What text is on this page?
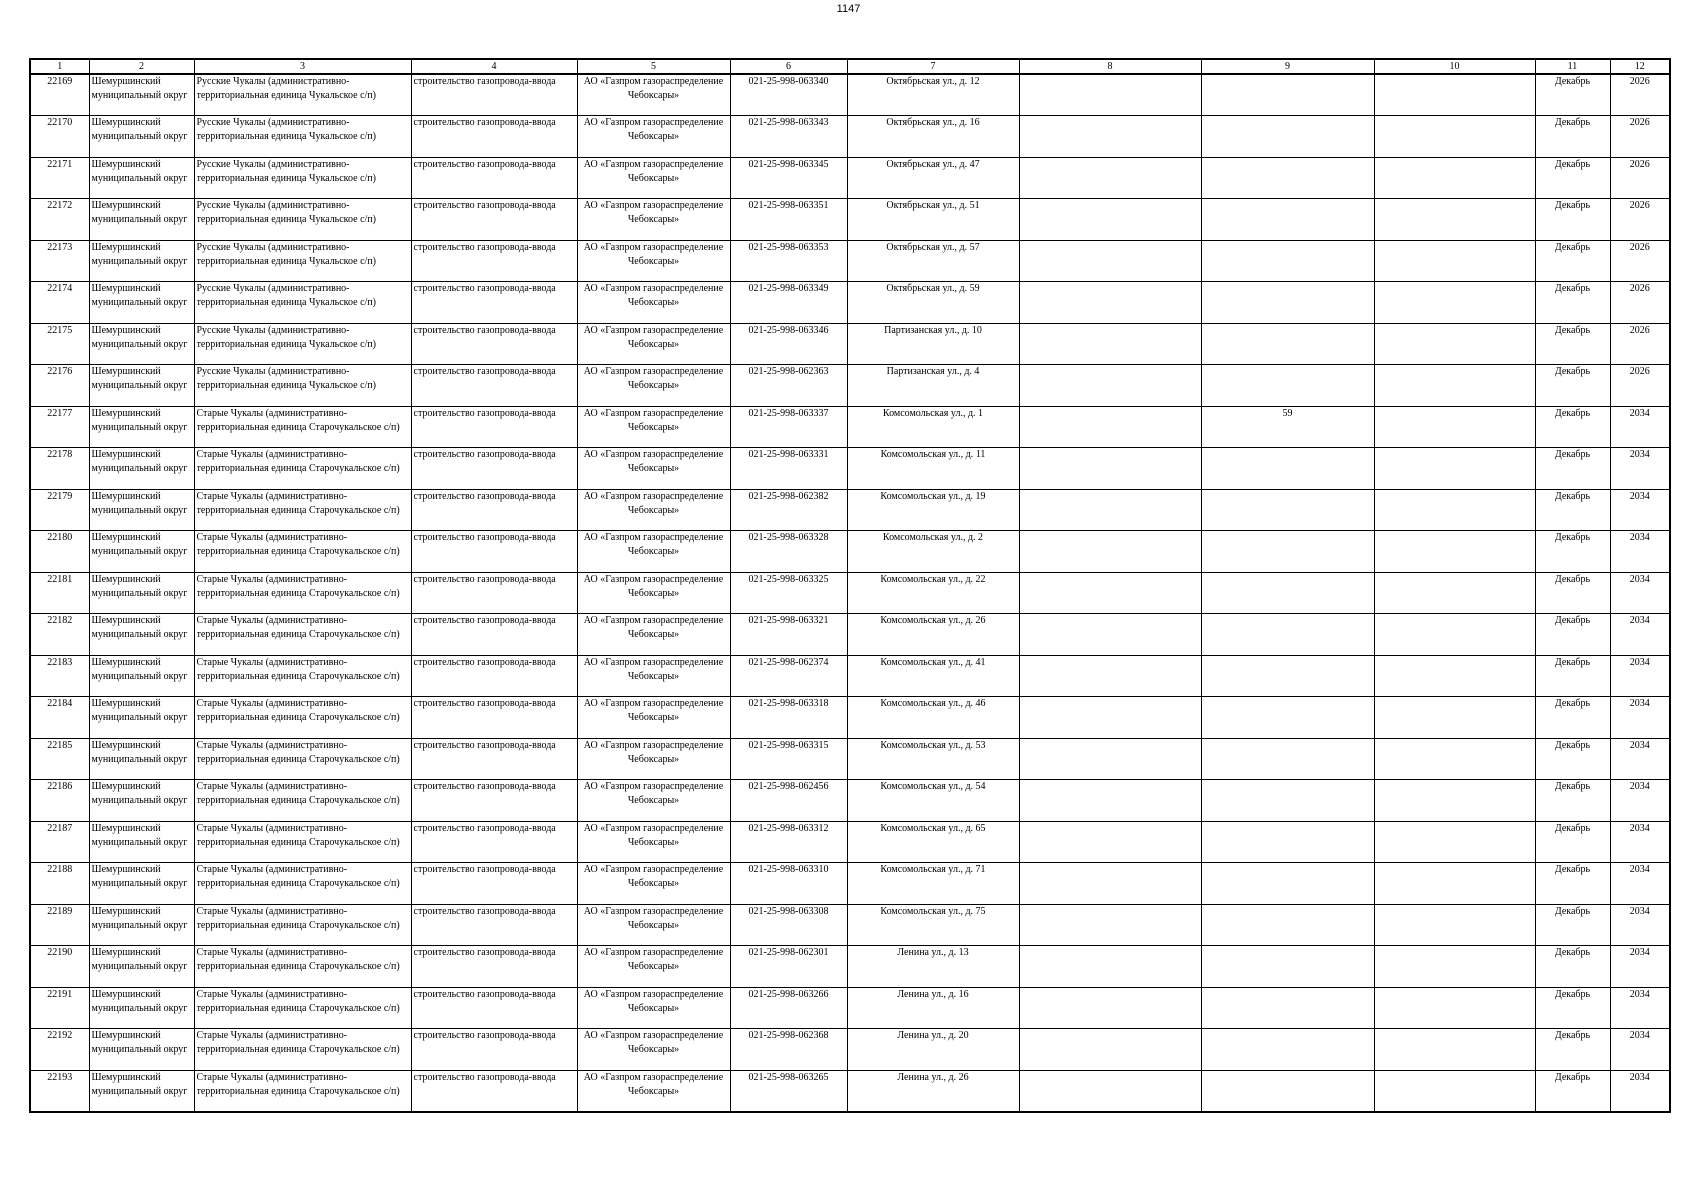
1147
1	2	3	4	5	6	7	8	9	10	11	12

22169	Шемуршинский муниципальный округ	Русские Чукалы (административно-территориальная единица Чукальское с/п)	строительство газопровода-ввода	АО «Газпром газораспределение Чебоксары»	021-25-998-063340	Октябрьская ул., д. 12				Декабрь	2026

22170	Шемуршинский муниципальный округ	Русские Чукалы (административно-территориальная единица Чукальское с/п)	строительство газопровода-ввода	АО «Газпром газораспределение Чебоксары»	021-25-998-063343	Октябрьская ул., д. 16				Декабрь	2026

22171	Шемуршинский муниципальный округ	Русские Чукалы (административно-территориальная единица Чукальское с/п)	строительство газопровода-ввода	АО «Газпром газораспределение Чебоксары»	021-25-998-063345	Октябрьская ул., д. 47				Декабрь	2026

22172	Шемуршинский муниципальный округ	Русские Чукалы (административно-территориальная единица Чукальское с/п)	строительство газопровода-ввода	АО «Газпром газораспределение Чебоксары»	021-25-998-063351	Октябрьская ул., д. 51				Декабрь	2026

22173	Шемуршинский муниципальный округ	Русские Чукалы (административно-территориальная единица Чукальское с/п)	строительство газопровода-ввода	АО «Газпром газораспределение Чебоксары»	021-25-998-063353	Октябрьская ул., д. 57				Декабрь	2026

22174	Шемуршинский муниципальный округ	Русские Чукалы (административно-территориальная единица Чукальское с/п)	строительство газопровода-ввода	АО «Газпром газораспределение Чебоксары»	021-25-998-063349	Октябрьская ул., д. 59				Декабрь	2026

22175	Шемуршинский муниципальный округ	Русские Чукалы (административно-территориальная единица Чукальское с/п)	строительство газопровода-ввода	АО «Газпром газораспределение Чебоксары»	021-25-998-063346	Партизанская ул., д. 10				Декабрь	2026

22176	Шемуршинский муниципальный округ	Русские Чукалы (административно-территориальная единица Чукальское с/п)	строительство газопровода-ввода	АО «Газпром газораспределение Чебоксары»	021-25-998-062363	Партизанская ул., д. 4				Декабрь	2026

22177	Шемуршинский муниципальный округ	Старые Чукалы (административно-территориальная единица Старочукальское с/п)	строительство газопровода-ввода	АО «Газпром газораспределение Чебоксары»	021-25-998-063337	Комсомольская ул., д. 1		59		Декабрь	2034

22178	Шемуршинский муниципальный округ	Старые Чукалы (административно-территориальная единица Старочукальское с/п)	строительство газопровода-ввода	АО «Газпром газораспределение Чебоксары»	021-25-998-063331	Комсомольская ул., д. 11				Декабрь	2034

22179	Шемуршинский муниципальный округ	Старые Чукалы (административно-территориальная единица Старочукальское с/п)	строительство газопровода-ввода	АО «Газпром газораспределение Чебоксары»	021-25-998-062382	Комсомольская ул., д. 19				Декабрь	2034

22180	Шемуршинский муниципальный округ	Старые Чукалы (административно-территориальная единица Старочукальское с/п)	строительство газопровода-ввода	АО «Газпром газораспределение Чебоксары»	021-25-998-063328	Комсомольская ул., д. 2				Декабрь	2034

22181	Шемуршинский муниципальный округ	Старые Чукалы (административно-территориальная единица Старочукальское с/п)	строительство газопровода-ввода	АО «Газпром газораспределение Чебоксары»	021-25-998-063325	Комсомольская ул., д. 22				Декабрь	2034

22182	Шемуршинский муниципальный округ	Старые Чукалы (административно-территориальная единица Старочукальское с/п)	строительство газопровода-ввода	АО «Газпром газораспределение Чебоксары»	021-25-998-063321	Комсомольская ул., д. 26				Декабрь	2034

22183	Шемуршинский муниципальный округ	Старые Чукалы (административно-территориальная единица Старочукальское с/п)	строительство газопровода-ввода	АО «Газпром газораспределение Чебоксары»	021-25-998-062374	Комсомольская ул., д. 41				Декабрь	2034

22184	Шемуршинский муниципальный округ	Старые Чукалы (административно-территориальная единица Старочукальское с/п)	строительство газопровода-ввода	АО «Газпром газораспределение Чебоксары»	021-25-998-063318	Комсомольская ул., д. 46				Декабрь	2034

22185	Шемуршинский муниципальный округ	Старые Чукалы (административно-территориальная единица Старочукальское с/п)	строительство газопровода-ввода	АО «Газпром газораспределение Чебоксары»	021-25-998-063315	Комсомольская ул., д. 53				Декабрь	2034

22186	Шемуршинский муниципальный округ	Старые Чукалы (административно-территориальная единица Старочукальское с/п)	строительство газопровода-ввода	АО «Газпром газораспределение Чебоксары»	021-25-998-062456	Комсомольская ул., д. 54				Декабрь	2034

22187	Шемуршинский муниципальный округ	Старые Чукалы (административно-территориальная единица Старочукальское с/п)	строительство газопровода-ввода	АО «Газпром газораспределение Чебоксары»	021-25-998-063312	Комсомольская ул., д. 65				Декабрь	2034

22188	Шемуршинский муниципальный округ	Старые Чукалы (административно-территориальная единица Старочукальское с/п)	строительство газопровода-ввода	АО «Газпром газораспределение Чебоксары»	021-25-998-063310	Комсомольская ул., д. 71				Декабрь	2034

22189	Шемуршинский муниципальный округ	Старые Чукалы (административно-территориальная единица Старочукальское с/п)	строительство газопровода-ввода	АО «Газпром газораспределение Чебоксары»	021-25-998-063308	Комсомольская ул., д. 75				Декабрь	2034

22190	Шемуршинский муниципальный округ	Старые Чукалы (административно-территориальная единица Старочукальское с/п)	строительство газопровода-ввода	АО «Газпром газораспределение Чебоксары»	021-25-998-062301	Ленина ул., д. 13				Декабрь	2034

22191	Шемуршинский муниципальный округ	Старые Чукалы (административно-территориальная единица Старочукальское с/п)	строительство газопровода-ввода	АО «Газпром газораспределение Чебоксары»	021-25-998-063266	Ленина ул., д. 16				Декабрь	2034

22192	Шемуршинский муниципальный округ	Старые Чукалы (административно-территориальная единица Старочукальское с/п)	строительство газопровода-ввода	АО «Газпром газораспределение Чебоксары»	021-25-998-062368	Ленина ул., д. 20				Декабрь	2034

22193	Шемуршинский муниципальный округ	Старые Чукалы (административно-территориальная единица Старочукальское с/п)	строительство газопровода-ввода	АО «Газпром газораспределение Чебоксары»	021-25-998-063265	Ленина ул., д. 26				Декабрь	2034
